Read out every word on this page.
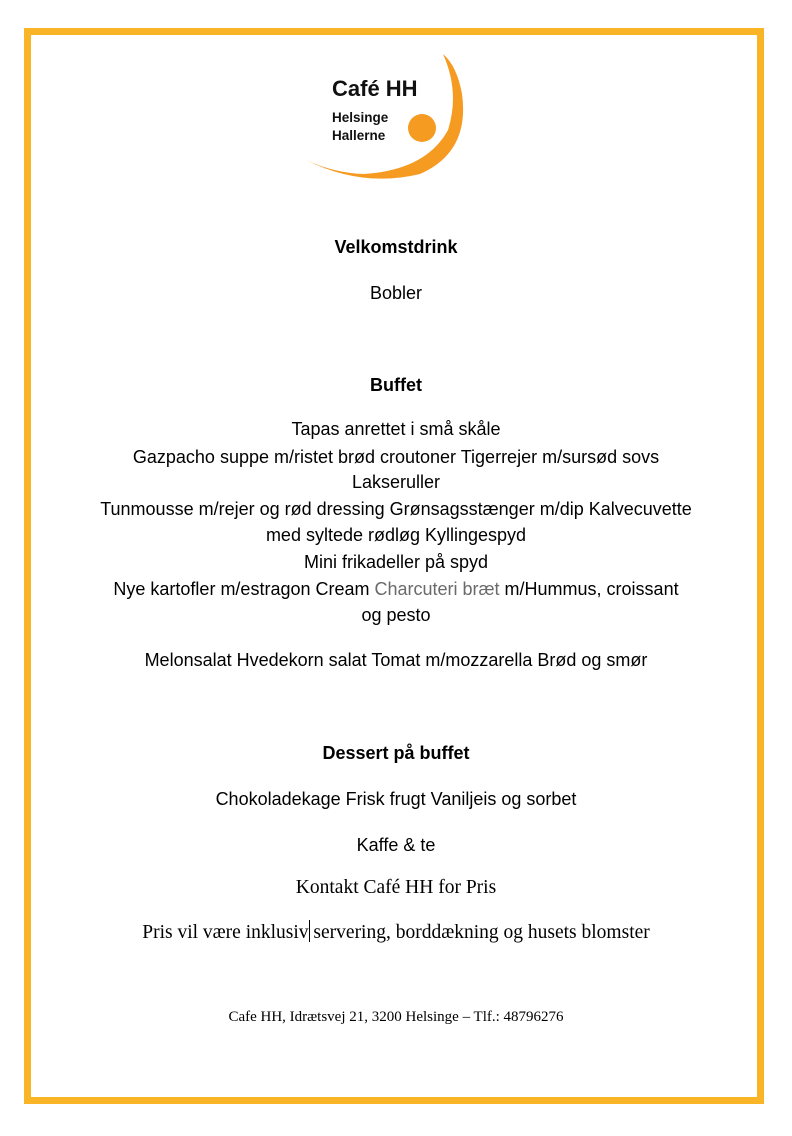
Café HH
Helsinge
Hallerne
Velkomstdrink
Bobler
Buffet
Tapas anrettet i små skåle
Gazpacho suppe m/ristet brød croutoner Tigerrejer m/sursød sovs
Lakseruller
Tunmousse m/rejer og rød dressing Grønsagsstænger m/dip Kalvecuvette
med syltede rødløg Kyllingespyd
Mini frikadeller på spyd
Nye kartofler m/estragon Cream Charcuteri bræt m/Hummus, croissant
og pesto
Melonsalat Hvedekorn salat Tomat m/mozzarella Brød og smør
Dessert på buffet
Chokoladekage Frisk frugt Vaniljeis og sorbet
Kaffe & te
Kontakt Café HH for Pris
Pris vil være inklusiv servering, borddækning og husets blomster
Cafe HH, Idrætsvej 21, 3200 Helsinge – Tlf.: 48796276
